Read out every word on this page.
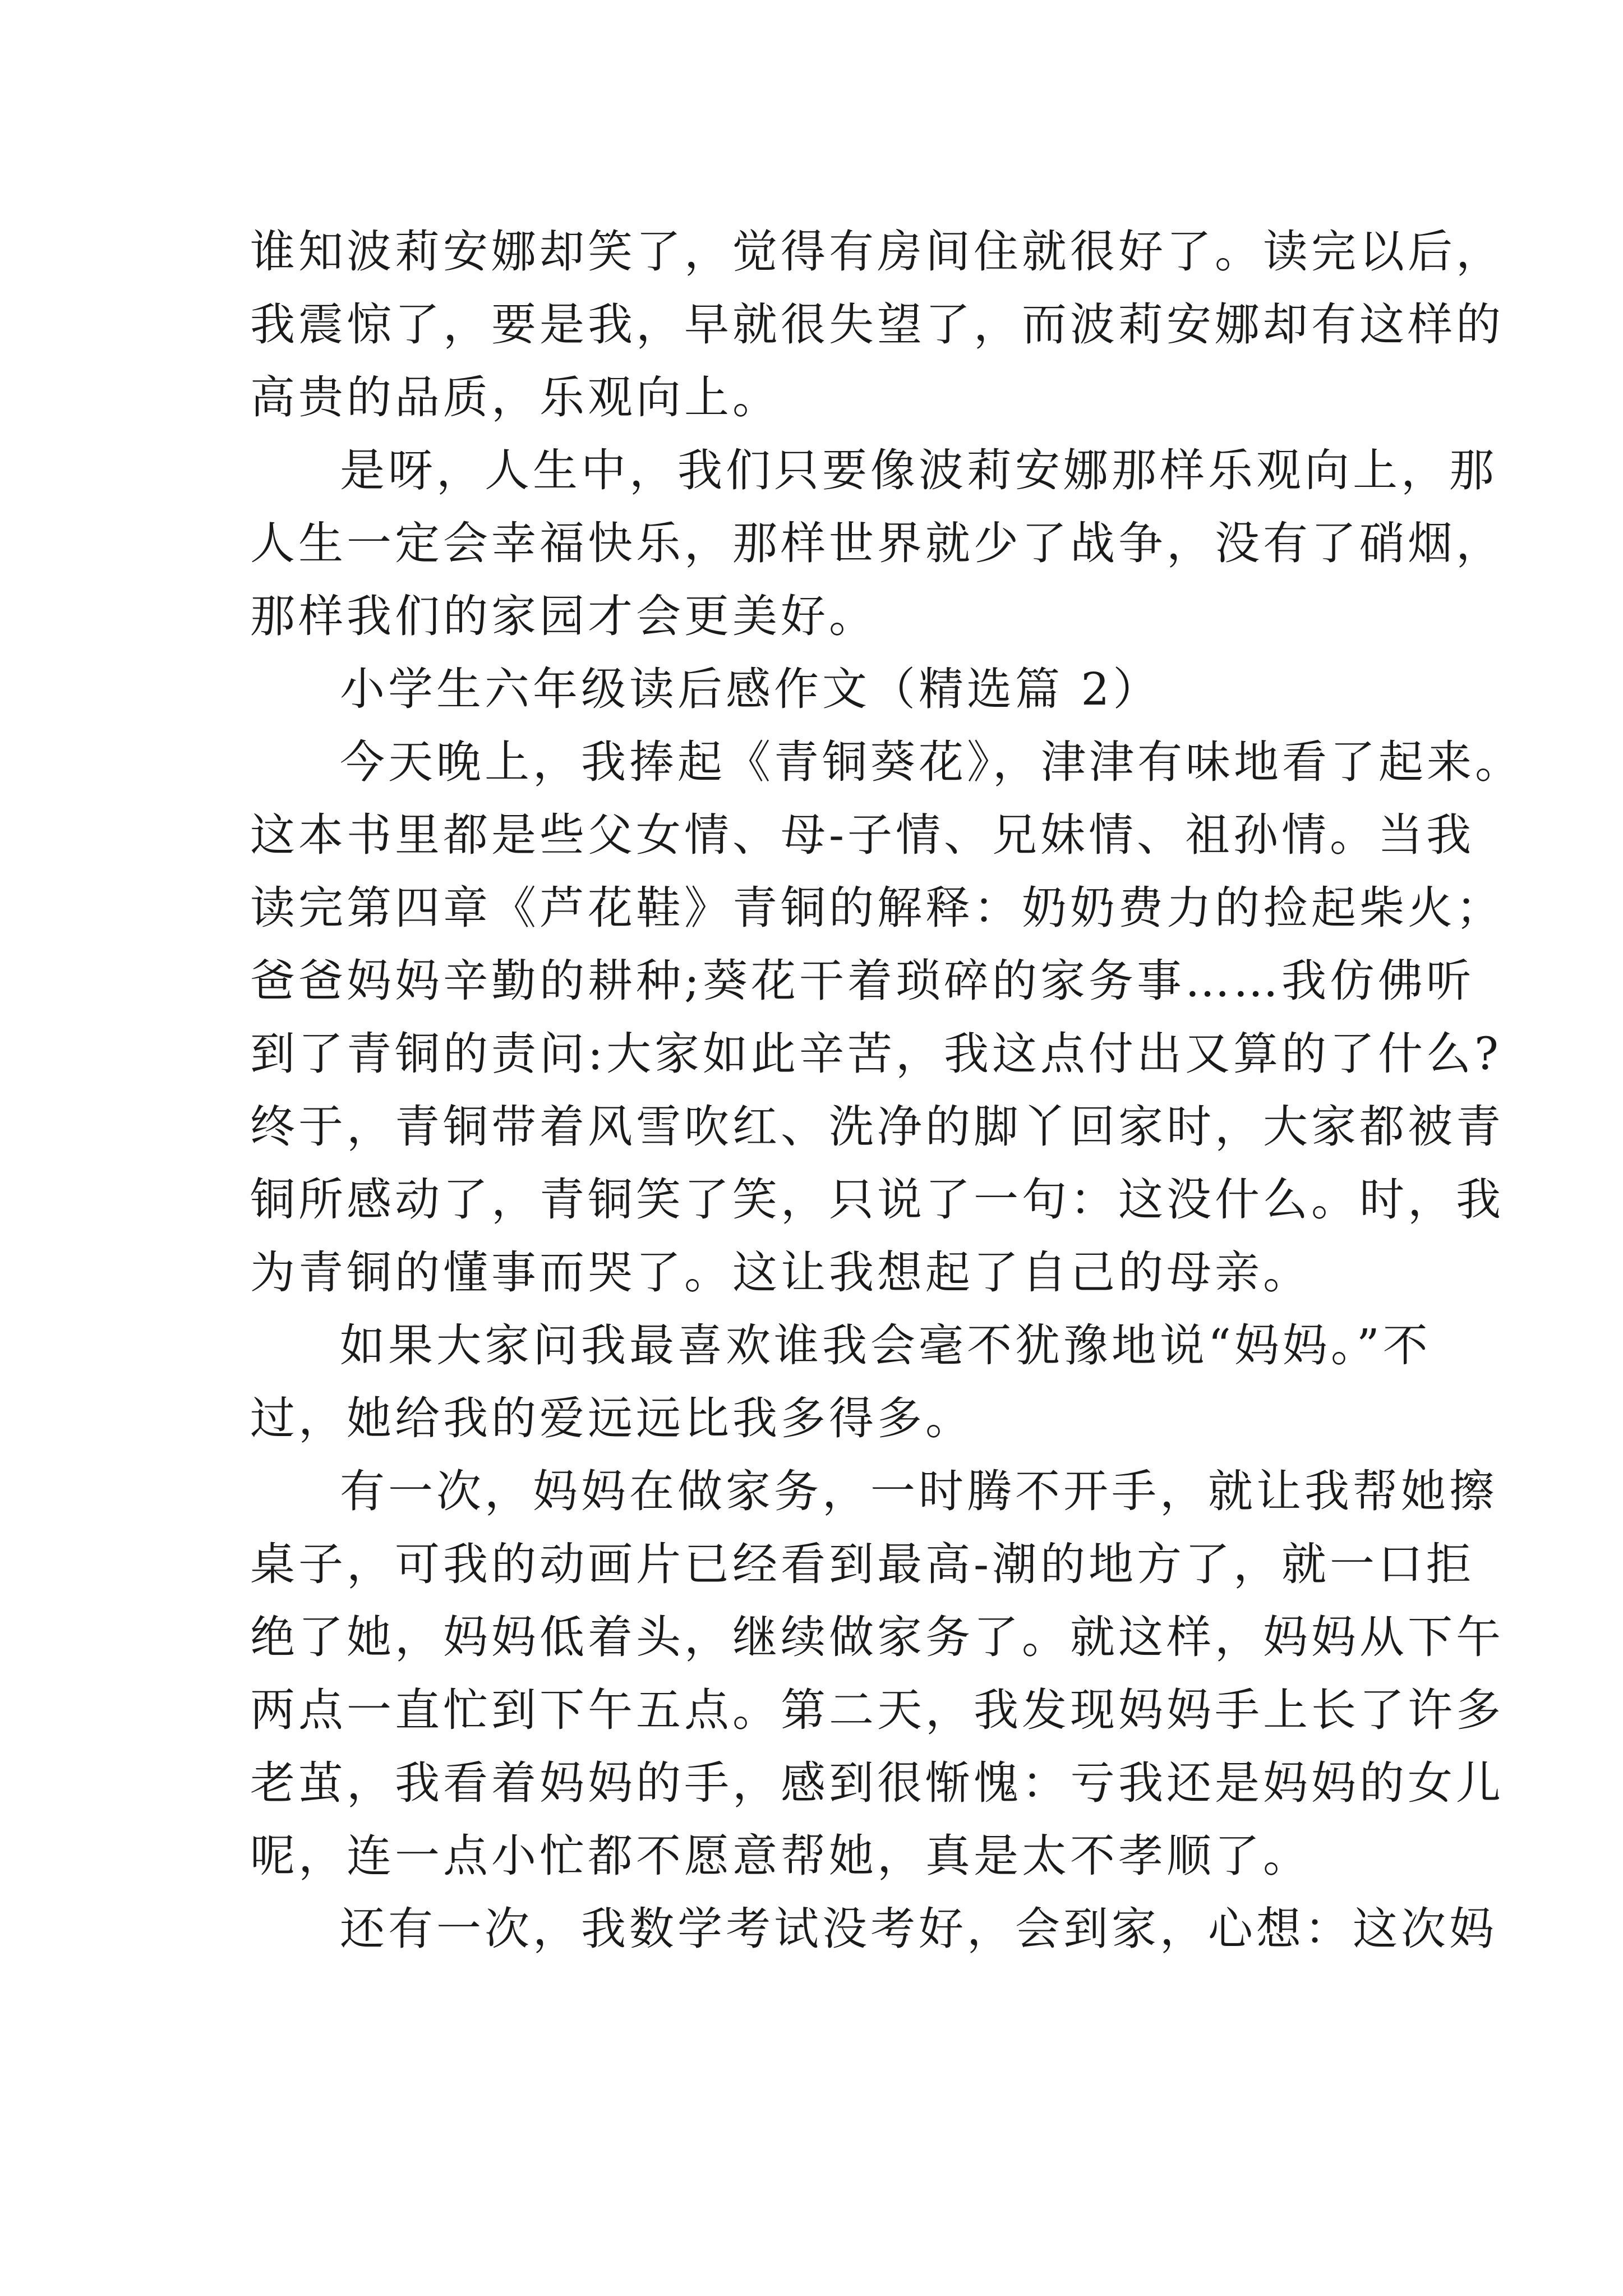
谁知波莉安娜却笑了，觉得有房间住就很好了。读完以后，
我震惊了，要是我，早就很失望了，而波莉安娜却有这样的
高贵的品质，乐观向上。
是呀，人生中，我们只要像波莉安娜那样乐观向上，那
人生一定会幸福快乐，那样世界就少了战争，没有了硝烟，
那样我们的家园才会更美好。
小学生六年级读后感作文（精选篇 2）
今天晚上，我捧起《青铜葵花》，津津有味地看了起来。
这本书里都是些父女情、母-子情、兄妹情、祖孙情。当我
读完第四章《芦花鞋》青铜的解释：奶奶费力的捡起柴火；
爸爸妈妈辛勤的耕种;葵花干着琐碎的家务事……我仿佛听
到了青铜的责问:大家如此辛苦，我这点付出又算的了什么?
终于，青铜带着风雪吹红、洗净的脚丫回家时，大家都被青
铜所感动了，青铜笑了笑，只说了一句：这没什么。时，我
为青铜的懂事而哭了。这让我想起了自己的母亲。
如果大家问我最喜欢谁我会毫不犹豫地说“妈妈。”不
过，她给我的爱远远比我多得多。
有一次，妈妈在做家务，一时腾不开手，就让我帮她擦
桌子，可我的动画片已经看到最高-潮的地方了，就一口拒
绝了她，妈妈低着头，继续做家务了。就这样，妈妈从下午
两点一直忙到下午五点。第二天，我发现妈妈手上长了许多
老茧，我看着妈妈的手，感到很惭愧：亏我还是妈妈的女儿
呢，连一点小忙都不愿意帮她，真是太不孝顺了。
还有一次，我数学考试没考好，会到家，心想：这次妈
